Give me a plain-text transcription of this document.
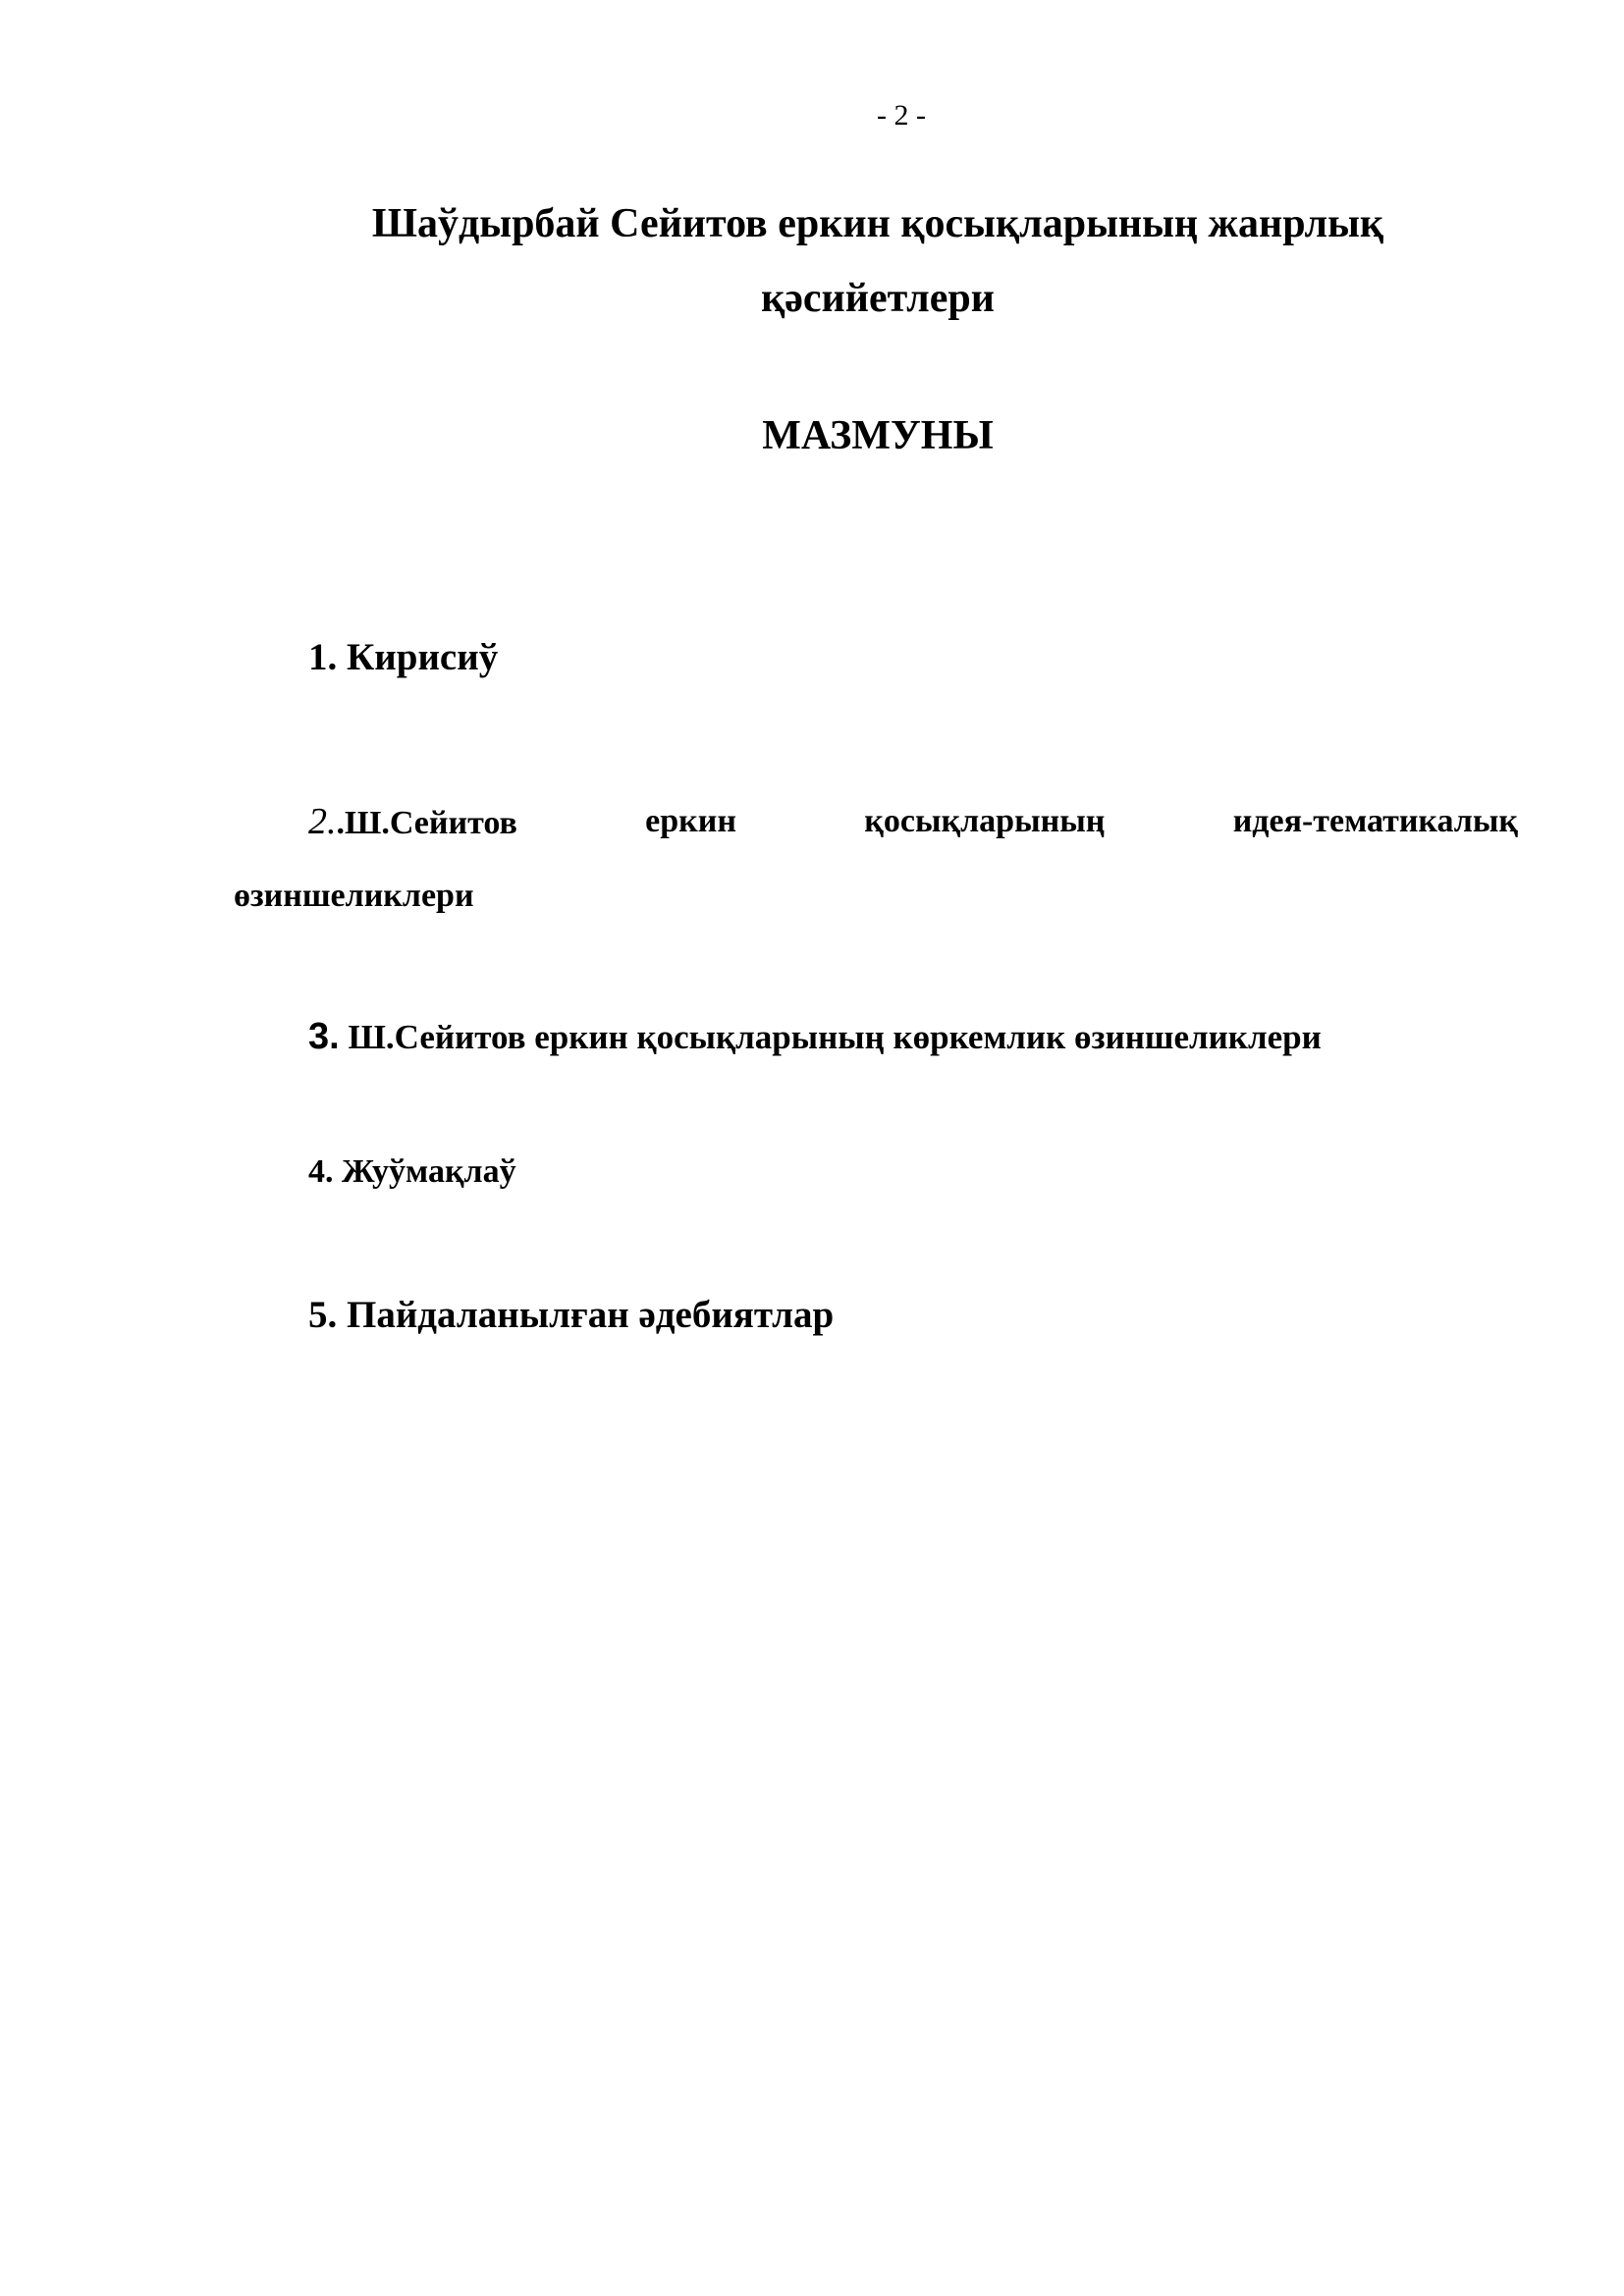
- 2 -
Шаўдырбай Сейитов еркин қосықларының жанрлық
қәсийетлери
МАЗМУНЫ
1. Кирисиў
2..Ш.Сейитов	еркин	қосықларының	идея-тематикалық
өзиншеликлери
3. Ш.Сейитов еркин қосықларының көркемлик өзиншеликлери
4. Жуўмақлаў
5. Пайдаланылған әдебиятлар
